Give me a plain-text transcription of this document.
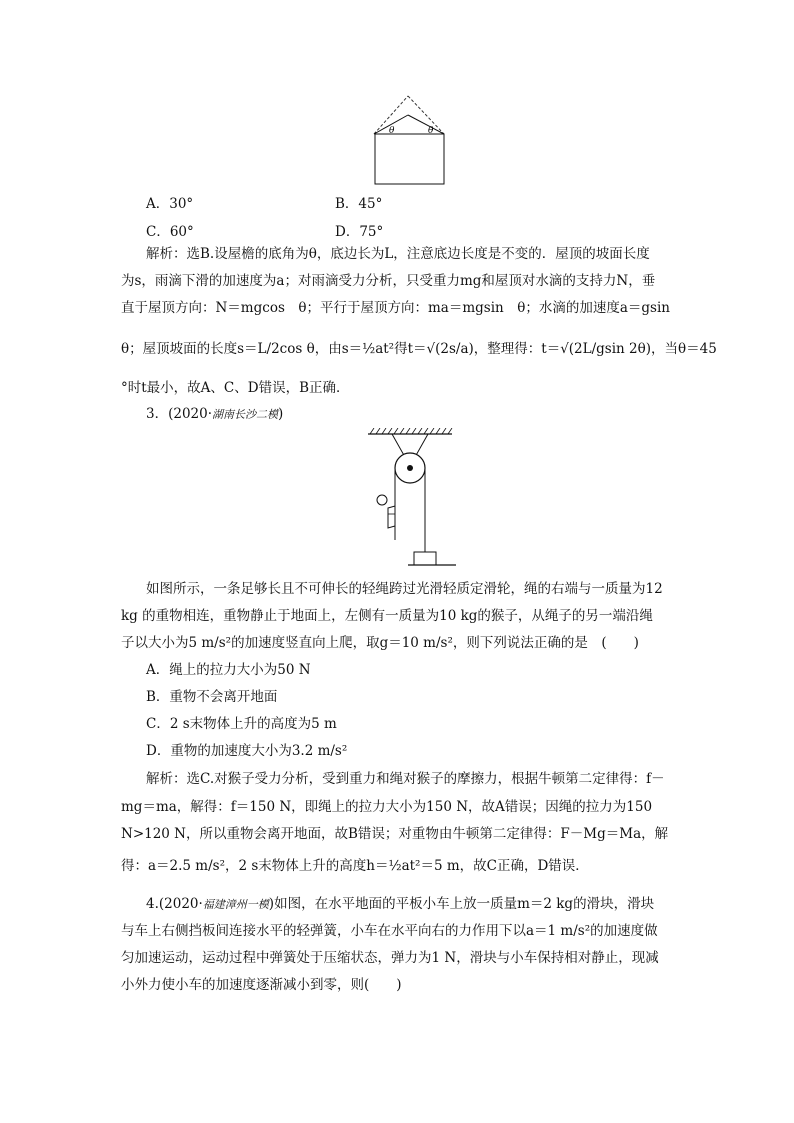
θ	θ
A．30°	B．45°
C．60°	D．75°
解析：选B.设屋檐的底角为θ，底边长为L，注意底边长度是不变的．屋顶的坡面长度
为s，雨滴下滑的加速度为a；对雨滴受力分析，只受重力mg和屋顶对水滴的支持力N，垂
直于屋顶方向：N＝mgcos　θ；平行于屋顶方向：ma＝mgsin　θ；水滴的加速度a＝gsin
θ；屋顶坡面的长度s＝L/2cos θ，由s＝½at²得t＝√(2s/a)，整理得：t＝√(2L/gsin 2θ)，当θ＝45
°时t最小，故A、C、D错误，B正确．
3．(2020·湖南长沙二模)
如图所示，一条足够长且不可伸长的轻绳跨过光滑轻质定滑轮，绳的右端与一质量为12
kg 的重物相连，重物静止于地面上，左侧有一质量为10 kg的猴子，从绳子的另一端沿绳
子以大小为5 m/s²的加速度竖直向上爬，取g＝10 m/s²，则下列说法正确的是　(　　)
A．绳上的拉力大小为50 N
B．重物不会离开地面
C．2 s末物体上升的高度为5 m
D．重物的加速度大小为3.2 m/s²
解析：选C.对猴子受力分析，受到重力和绳对猴子的摩擦力，根据牛顿第二定律得：f－
mg＝ma，解得：f＝150 N，即绳上的拉力大小为150 N，故A错误；因绳的拉力为150
N>120 N，所以重物会离开地面，故B错误；对重物由牛顿第二定律得：F－Mg＝Ma，解
得：a＝2.5 m/s²，2 s末物体上升的高度h＝½at²＝5 m，故C正确，D错误．
4.(2020·福建漳州一模)如图，在水平地面的平板小车上放一质量m＝2 kg的滑块，滑块
与车上右侧挡板间连接水平的轻弹簧，小车在水平向右的力作用下以a＝1 m/s²的加速度做
匀加速运动，运动过程中弹簧处于压缩状态，弹力为1 N，滑块与小车保持相对静止，现减
小外力使小车的加速度逐渐减小到零，则(　　)
